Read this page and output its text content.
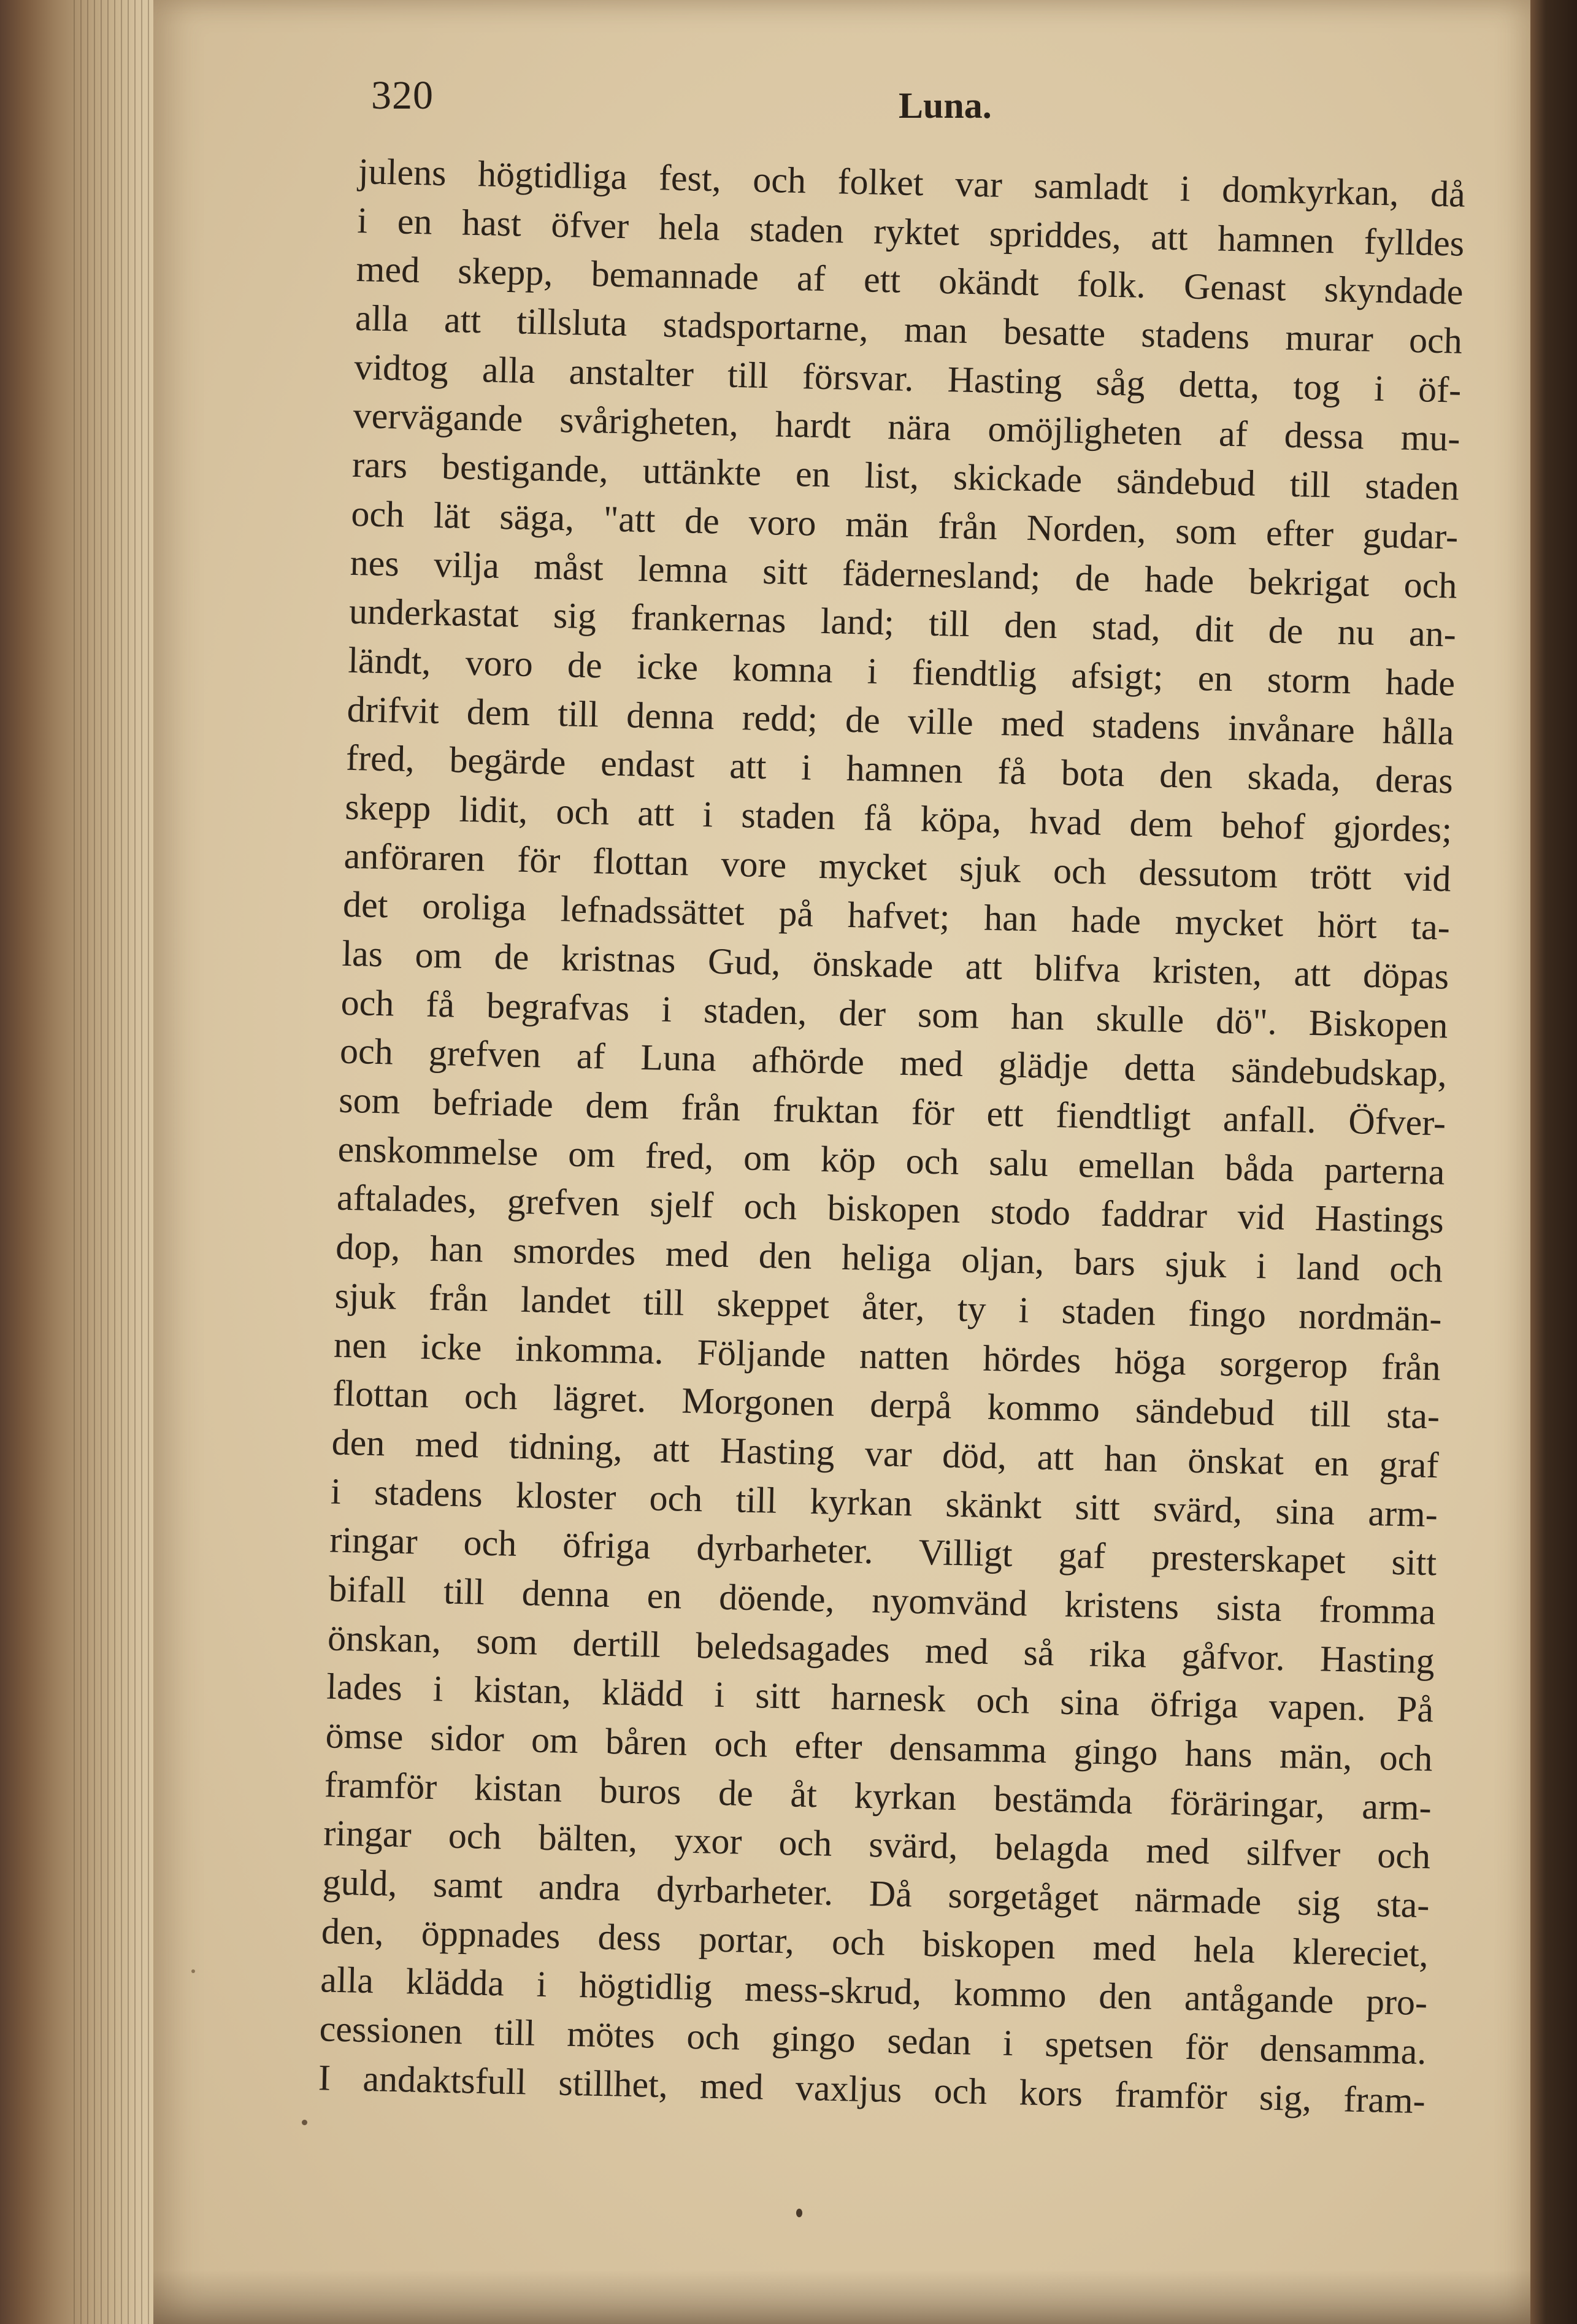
320	Luna.
julens högtidliga fest, och folket var samladt i domkyrkan, då
i en hast öfver hela staden ryktet spriddes, att hamnen fylldes
med skepp, bemannade af ett okändt folk. Genast skyndade
alla att tillsluta stadsportarne, man besatte stadens murar och
vidtog alla anstalter till försvar. Hasting såg detta, tog i öf-
vervägande svårigheten, hardt nära omöjligheten af dessa mu-
rars bestigande, uttänkte en list, skickade sändebud till staden
och lät säga, "att de voro män från Norden, som efter gudar-
nes vilja måst lemna sitt fädernesland; de hade bekrigat och
underkastat sig frankernas land; till den stad, dit de nu an-
ländt, voro de icke komna i fiendtlig afsigt; en storm hade
drifvit dem till denna redd; de ville med stadens invånare hålla
fred, begärde endast att i hamnen få bota den skada, deras
skepp lidit, och att i staden få köpa, hvad dem behof gjordes;
anföraren för flottan vore mycket sjuk och dessutom trött vid
det oroliga lefnadssättet på hafvet; han hade mycket hört ta-
las om de kristnas Gud, önskade att blifva kristen, att döpas
och få begrafvas i staden, der som han skulle dö". Biskopen
och grefven af Luna afhörde med glädje detta sändebudskap,
som befriade dem från fruktan för ett fiendtligt anfall. Öfver-
enskommelse om fred, om köp och salu emellan båda parterna
aftalades, grefven sjelf och biskopen stodo faddrar vid Hastings
dop, han smordes med den heliga oljan, bars sjuk i land och
sjuk från landet till skeppet åter, ty i staden fingo nordmän-
nen icke inkomma. Följande natten hördes höga sorgerop från
flottan och lägret. Morgonen derpå kommo sändebud till sta-
den med tidning, att Hasting var död, att han önskat en graf
i stadens kloster och till kyrkan skänkt sitt svärd, sina arm-
ringar och öfriga dyrbarheter. Villigt gaf presterskapet sitt
bifall till denna en döende, nyomvänd kristens sista fromma
önskan, som dertill beledsagades med så rika gåfvor. Hasting
lades i kistan, klädd i sitt harnesk och sina öfriga vapen. På
ömse sidor om båren och efter densamma gingo hans män, och
framför kistan buros de åt kyrkan bestämda föräringar, arm-
ringar och bälten, yxor och svärd, belagda med silfver och
guld, samt andra dyrbarheter. Då sorgetåget närmade sig sta-
den, öppnades dess portar, och biskopen med hela klereciet,
alla klädda i högtidlig mess-skrud, kommo den antågande pro-
cessionen till mötes och gingo sedan i spetsen för densamma.
I andaktsfull stillhet, med vaxljus och kors framför sig, fram-
